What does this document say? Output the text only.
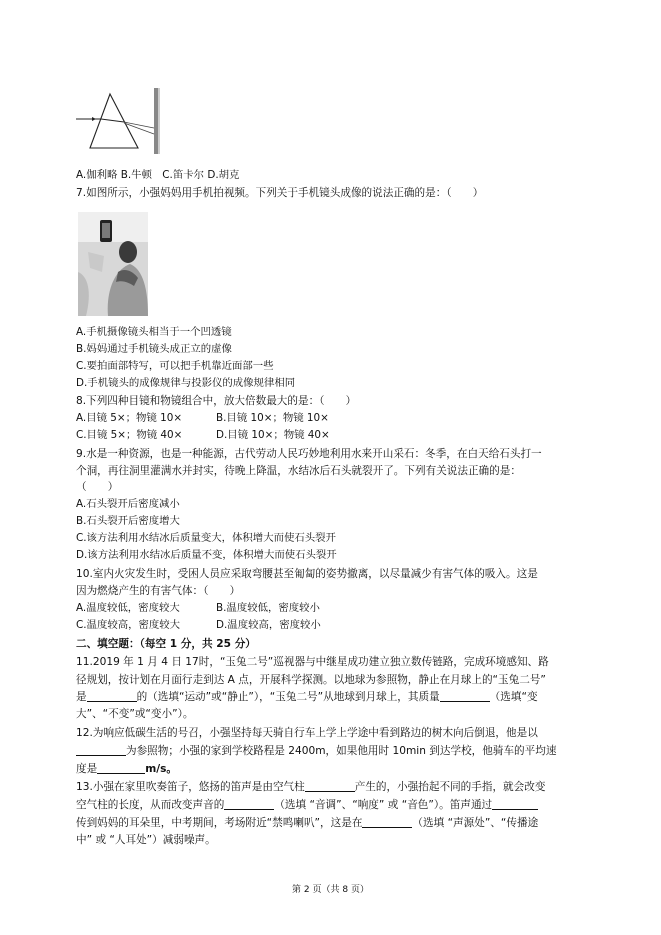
A.伽利略 B.牛顿　C.笛卡尔 D.胡克
7.如图所示，小强妈妈用手机拍视频。下列关于手机镜头成像的说法正确的是：（　　）
A.手机摄像镜头相当于一个凹透镜
B.妈妈通过手机镜头成正立的虚像
C.要拍面部特写，可以把手机靠近面部一些
D.手机镜头的成像规律与投影仪的成像规律相同
8.下列四种目镜和物镜组合中，放大倍数最大的是：（　　）
A.目镜 5×；物镜 10×	B.目镜 10×；物镜 10×
C.目镜 5×；物镜 40×	D.目镜 10×；物镜 40×
9.水是一种资源，也是一种能源，古代劳动人民巧妙地利用水来开山采石：冬季，在白天给石头打一
个洞，再往洞里灌满水并封实，待晚上降温，水结冰后石头就裂开了。下列有关说法正确的是：
（　　）
A.石头裂开后密度减小
B.石头裂开后密度增大
C.该方法利用水结冰后质量变大，体积增大而使石头裂开
D.该方法利用水结冰后质量不变，体积增大而使石头裂开
10.室内火灾发生时，受困人员应采取弯腰甚至匍匐的姿势撤离，以尽量减少有害气体的吸入。这是
因为燃烧产生的有害气体：（　　）
A.温度较低，密度较大	B.温度较低，密度较小
C.温度较高，密度较大	D.温度较高，密度较小
二、填空题：（每空 1 分，共 25 分）
11.2019 年 1 月 4 日 17时，“玉兔二号”巡视器与中继星成功建立独立数传链路，完成环境感知、路
径规划，按计划在月面行走到达 A 点，开展科学探测。以地球为参照物，静止在月球上的“玉兔二号”
是	的（选填“运动”或“静止”），“玉兔二号”从地球到月球上，其质量	（选填“变
大”、“不变”或“变小”）。
12.为响应低碳生活的号召，小强坚持每天骑自行车上学上学途中看到路边的树木向后倒退，他是以
为参照物；小强的家到学校路程是 2400m，如果他用时 10min 到达学校，他骑车的平均速
度是	m/s。
13.小强在家里吹奏笛子，悠扬的笛声是由空气柱	产生的，小强抬起不同的手指，就会改变
空气柱的长度，从而改变声音的	（选填 “音调”、“响度” 或 “音色”）。笛声通过
传到妈妈的耳朵里，中考期间，考场附近“禁鸣喇叭”，这是在	（选填 “声源处”、“传播途
中” 或 “人耳处”）减弱噪声。
第 2 页（共 8 页）
